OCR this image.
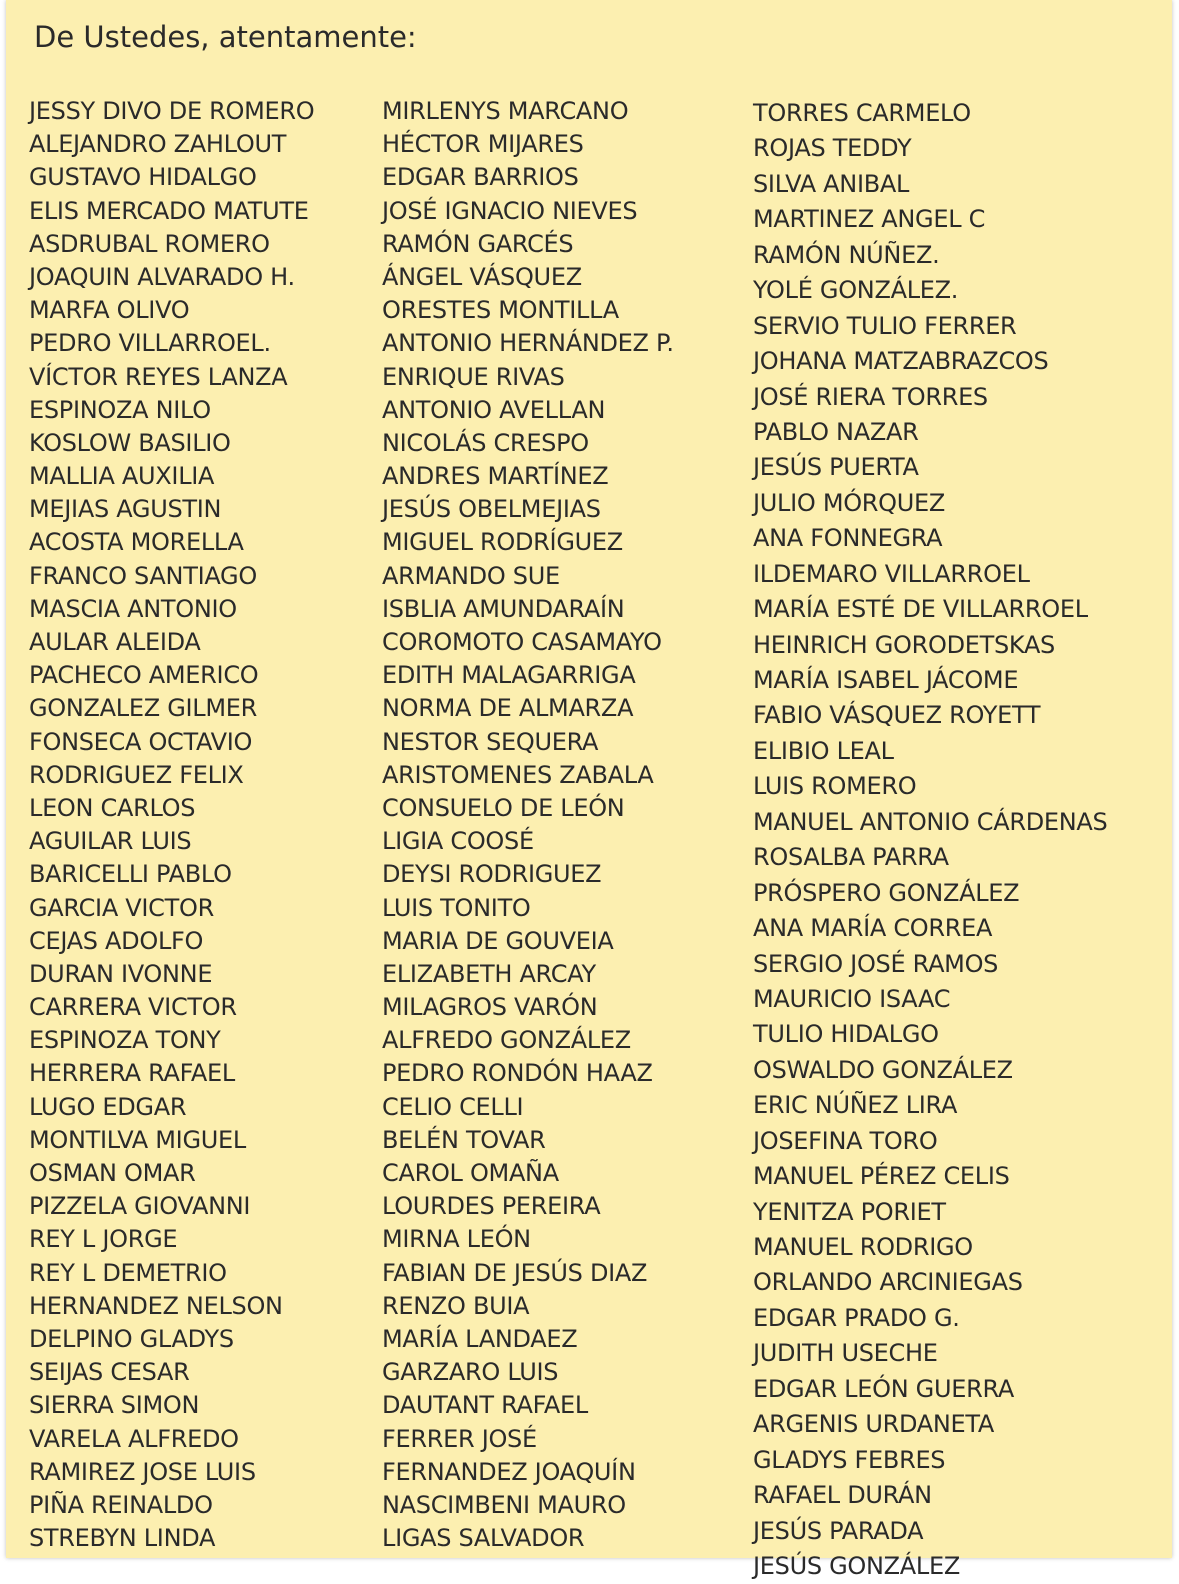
De Ustedes, atentamente:
JESSY DIVO DE ROMERO
ALEJANDRO ZAHLOUT
GUSTAVO HIDALGO
ELIS MERCADO MATUTE
ASDRUBAL ROMERO
JOAQUIN ALVARADO H.
MARFA OLIVO
PEDRO VILLARROEL.
VÍCTOR REYES LANZA
ESPINOZA NILO
KOSLOW BASILIO
MALLIA AUXILIA
MEJIAS AGUSTIN
ACOSTA MORELLA
FRANCO SANTIAGO
MASCIA ANTONIO
AULAR ALEIDA
PACHECO AMERICO
GONZALEZ GILMER
FONSECA OCTAVIO
RODRIGUEZ FELIX
LEON CARLOS
AGUILAR LUIS
BARICELLI PABLO
GARCIA VICTOR
CEJAS ADOLFO
DURAN IVONNE
CARRERA VICTOR
ESPINOZA TONY
HERRERA RAFAEL
LUGO EDGAR
MONTILVA MIGUEL
OSMAN OMAR
PIZZELA GIOVANNI
REY L JORGE
REY L DEMETRIO
HERNANDEZ NELSON
DELPINO GLADYS
SEIJAS CESAR
SIERRA SIMON
VARELA ALFREDO
RAMIREZ JOSE LUIS
PIÑA REINALDO
STREBYN LINDA
MIRLENYS MARCANO
HÉCTOR MIJARES
EDGAR BARRIOS
JOSÉ IGNACIO NIEVES
RAMÓN GARCÉS
ÁNGEL VÁSQUEZ
ORESTES MONTILLA
ANTONIO HERNÁNDEZ P.
ENRIQUE RIVAS
ANTONIO AVELLAN
NICOLÁS CRESPO
ANDRES MARTÍNEZ
JESÚS OBELMEJIAS
MIGUEL RODRÍGUEZ
ARMANDO SUE
ISBLIA AMUNDARAÍN
COROMOTO CASAMAYO
EDITH MALAGARRIGA
NORMA DE ALMARZA
NESTOR SEQUERA
ARISTOMENES ZABALA
CONSUELO DE LEÓN
LIGIA COOSÉ
DEYSI RODRIGUEZ
LUIS TONITO
MARIA DE GOUVEIA
ELIZABETH ARCAY
MILAGROS VARÓN
ALFREDO GONZÁLEZ
PEDRO RONDÓN HAAZ
CELIO CELLI
BELÉN TOVAR
CAROL OMAÑA
LOURDES PEREIRA
MIRNA LEÓN
FABIAN DE JESÚS DIAZ
RENZO BUIA
MARÍA LANDAEZ
GARZARO LUIS
DAUTANT RAFAEL
FERRER JOSÉ
FERNANDEZ JOAQUÍN
NASCIMBENI MAURO
LIGAS SALVADOR
TORRES CARMELO
ROJAS TEDDY
SILVA ANIBAL
MARTINEZ ANGEL C
RAMÓN NÚÑEZ.
YOLÉ GONZÁLEZ.
SERVIO TULIO FERRER
JOHANA MATZABRAZCOS
JOSÉ RIERA TORRES
PABLO NAZAR
JESÚS PUERTA
JULIO MÓRQUEZ
ANA FONNEGRA
ILDEMARO VILLARROEL
MARÍA ESTÉ DE VILLARROEL
HEINRICH GORODETSKAS
MARÍA ISABEL JÁCOME
FABIO VÁSQUEZ ROYETT
ELIBIO LEAL
LUIS ROMERO
MANUEL ANTONIO CÁRDENAS
ROSALBA PARRA
PRÓSPERO GONZÁLEZ
ANA MARÍA CORREA
SERGIO JOSÉ RAMOS
MAURICIO ISAAC
TULIO HIDALGO
OSWALDO GONZÁLEZ
ERIC NÚÑEZ LIRA
JOSEFINA TORO
MANUEL PÉREZ CELIS
YENITZA PORIET
MANUEL RODRIGO
ORLANDO ARCINIEGAS
EDGAR PRADO G.
JUDITH USECHE
EDGAR LEÓN GUERRA
ARGENIS URDANETA
GLADYS FEBRES
RAFAEL DURÁN
JESÚS PARADA
JESÚS GONZÁLEZ
